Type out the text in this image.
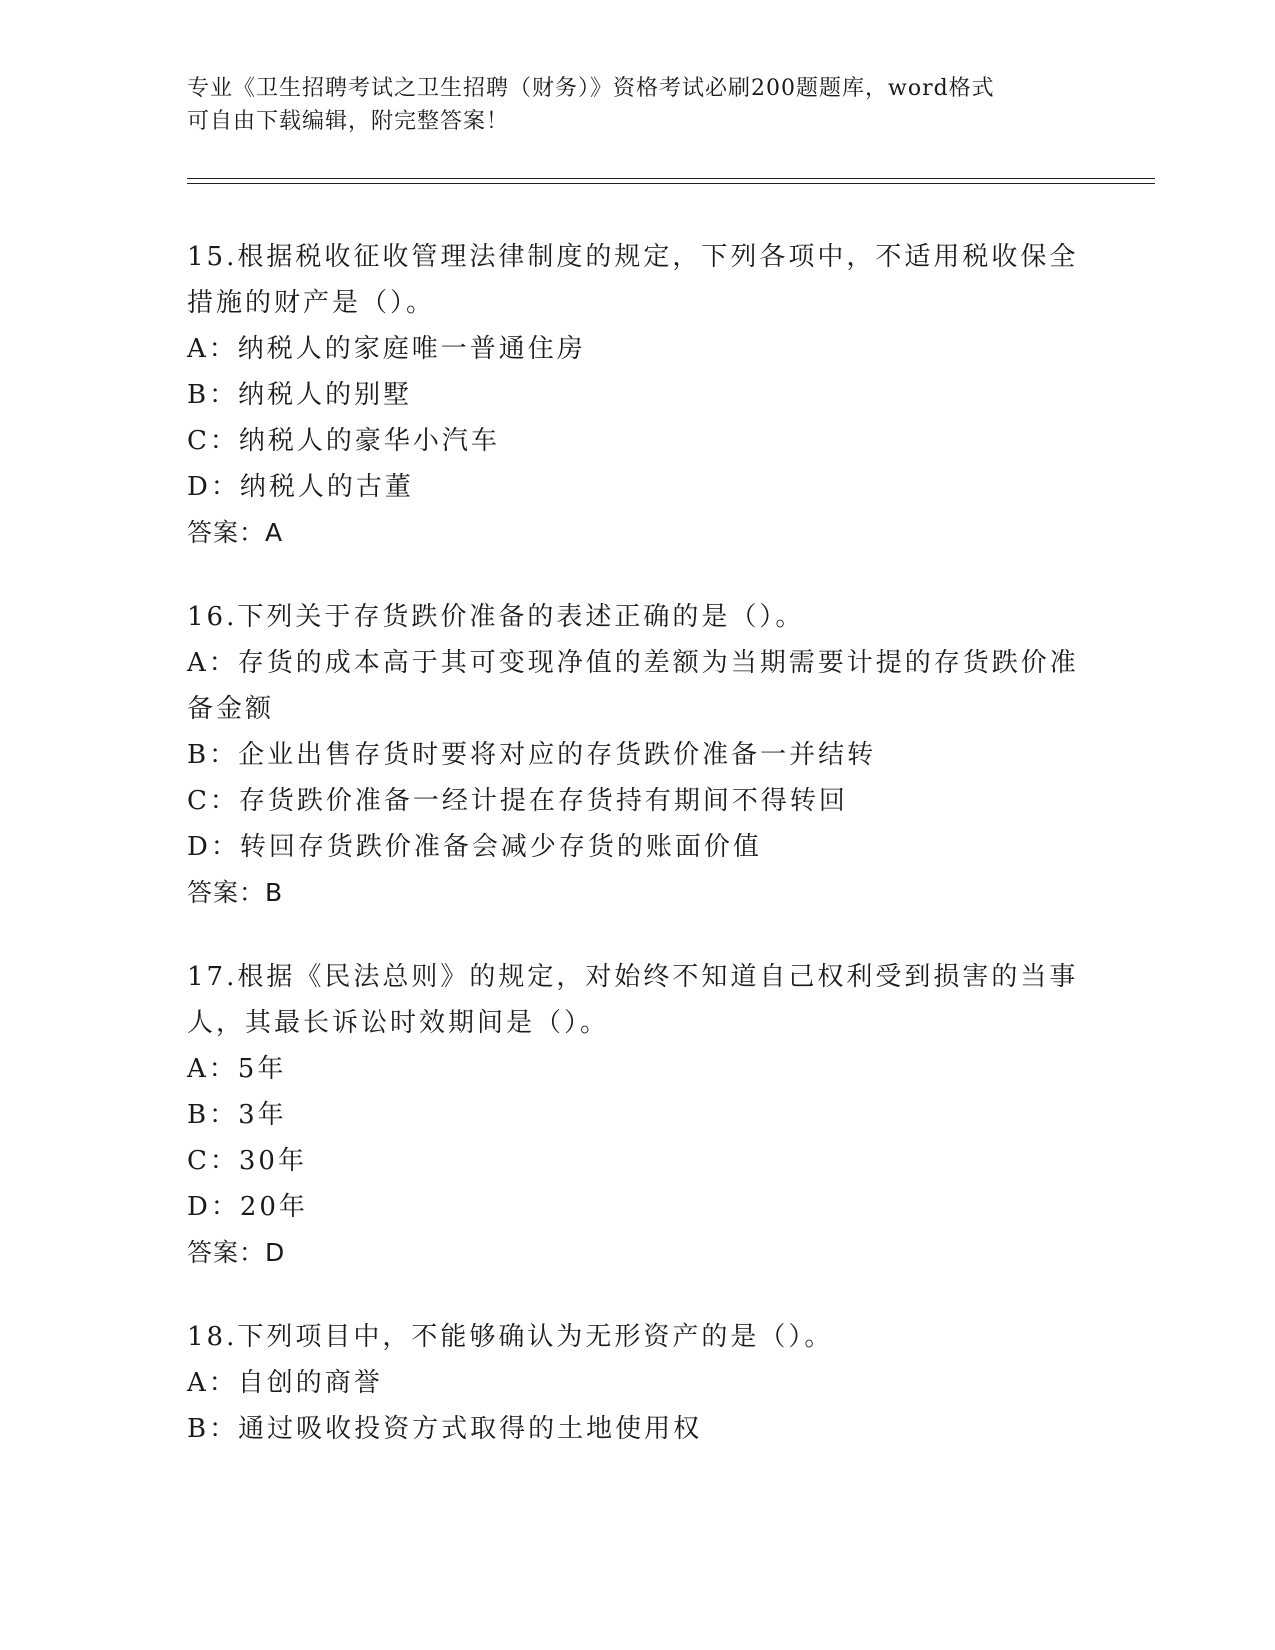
专业《卫生招聘考试之卫生招聘（财务）》资格考试必刷200题题库，word格式
可自由下载编辑，附完整答案！

15.根据税收征收管理法律制度的规定，下列各项中，不适用税收保全措施的财产是（）。

A：纳税人的家庭唯一普通住房

B：纳税人的别墅

C：纳税人的豪华小汽车

D：纳税人的古董

答案：A

16.下列关于存货跌价准备的表述正确的是（）。

A：存货的成本高于其可变现净值的差额为当期需要计提的存货跌价准备金额

B：企业出售存货时要将对应的存货跌价准备一并结转

C：存货跌价准备一经计提在存货持有期间不得转回

D：转回存货跌价准备会减少存货的账面价值

答案：B

17.根据《民法总则》的规定，对始终不知道自己权利受到损害的当事人，其最长诉讼时效期间是（）。

A：5年

B：3年

C：30年

D：20年

答案：D

18.下列项目中，不能够确认为无形资产的是（）。

A：自创的商誉

B：通过吸收投资方式取得的土地使用权
